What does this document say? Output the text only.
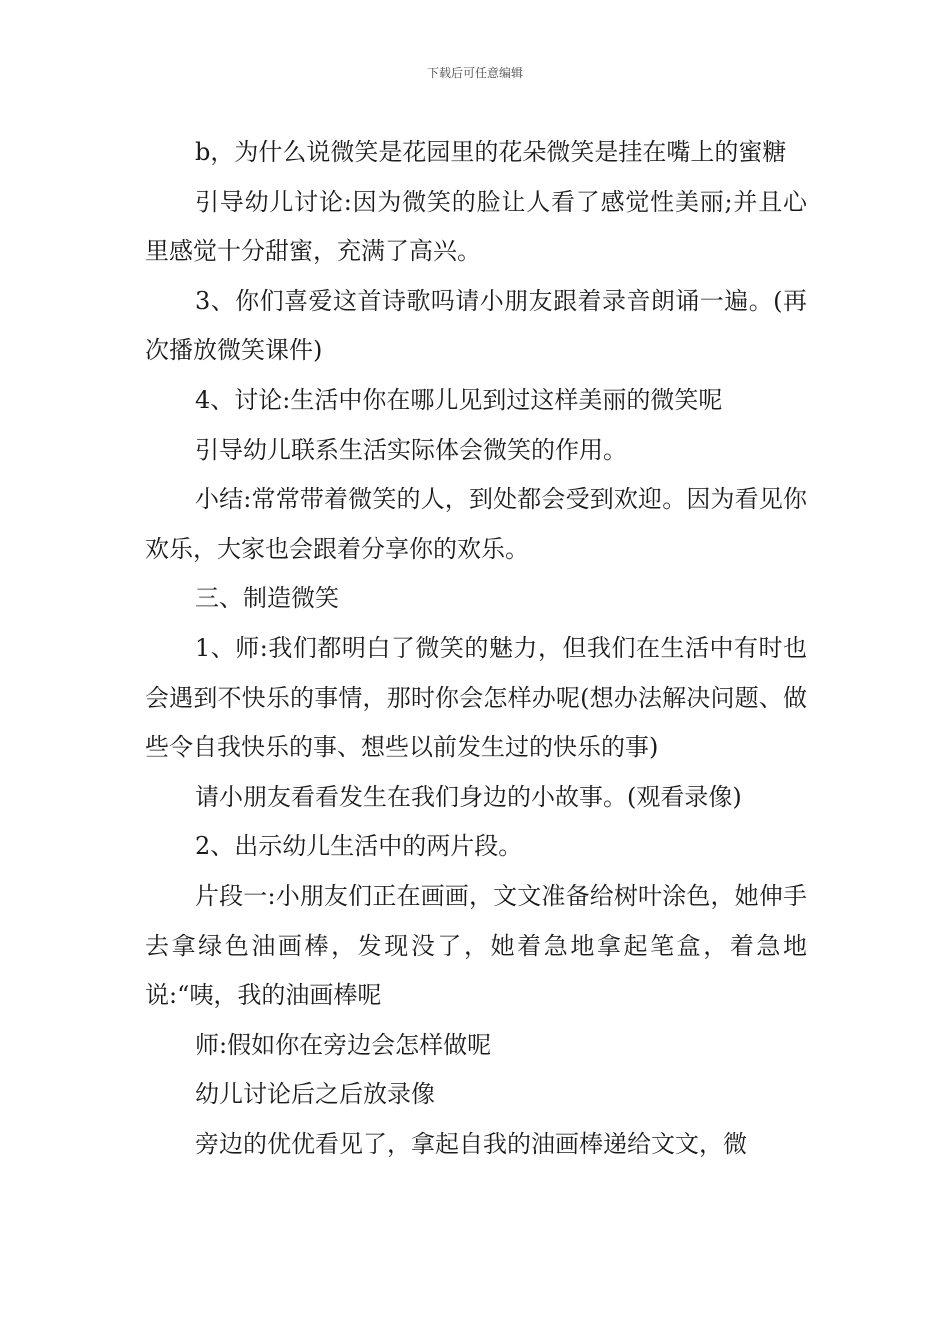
下载后可任意编辑

b，为什么说微笑是花园里的花朵微笑是挂在嘴上的蜜糖

引导幼儿讨论:因为微笑的脸让人看了感觉性美丽;并且心里感觉十分甜蜜，充满了高兴。

3、你们喜爱这首诗歌吗请小朋友跟着录音朗诵一遍。(再次播放微笑课件)

4、讨论:生活中你在哪儿见到过这样美丽的微笑呢

引导幼儿联系生活实际体会微笑的作用。

小结:常常带着微笑的人，到处都会受到欢迎。因为看见你欢乐，大家也会跟着分享你的欢乐。

三、制造微笑

1、师:我们都明白了微笑的魅力，但我们在生活中有时也会遇到不快乐的事情，那时你会怎样办呢(想办法解决问题、做些令自我快乐的事、想些以前发生过的快乐的事)

请小朋友看看发生在我们身边的小故事。(观看录像)

2、出示幼儿生活中的两片段。

片段一:小朋友们正在画画，文文准备给树叶涂色，她伸手去拿绿色油画棒，发现没了，她着急地拿起笔盒，着急地说:“咦，我的油画棒呢

师:假如你在旁边会怎样做呢

幼儿讨论后之后放录像

旁边的优优看见了，拿起自我的油画棒递给文文，微
